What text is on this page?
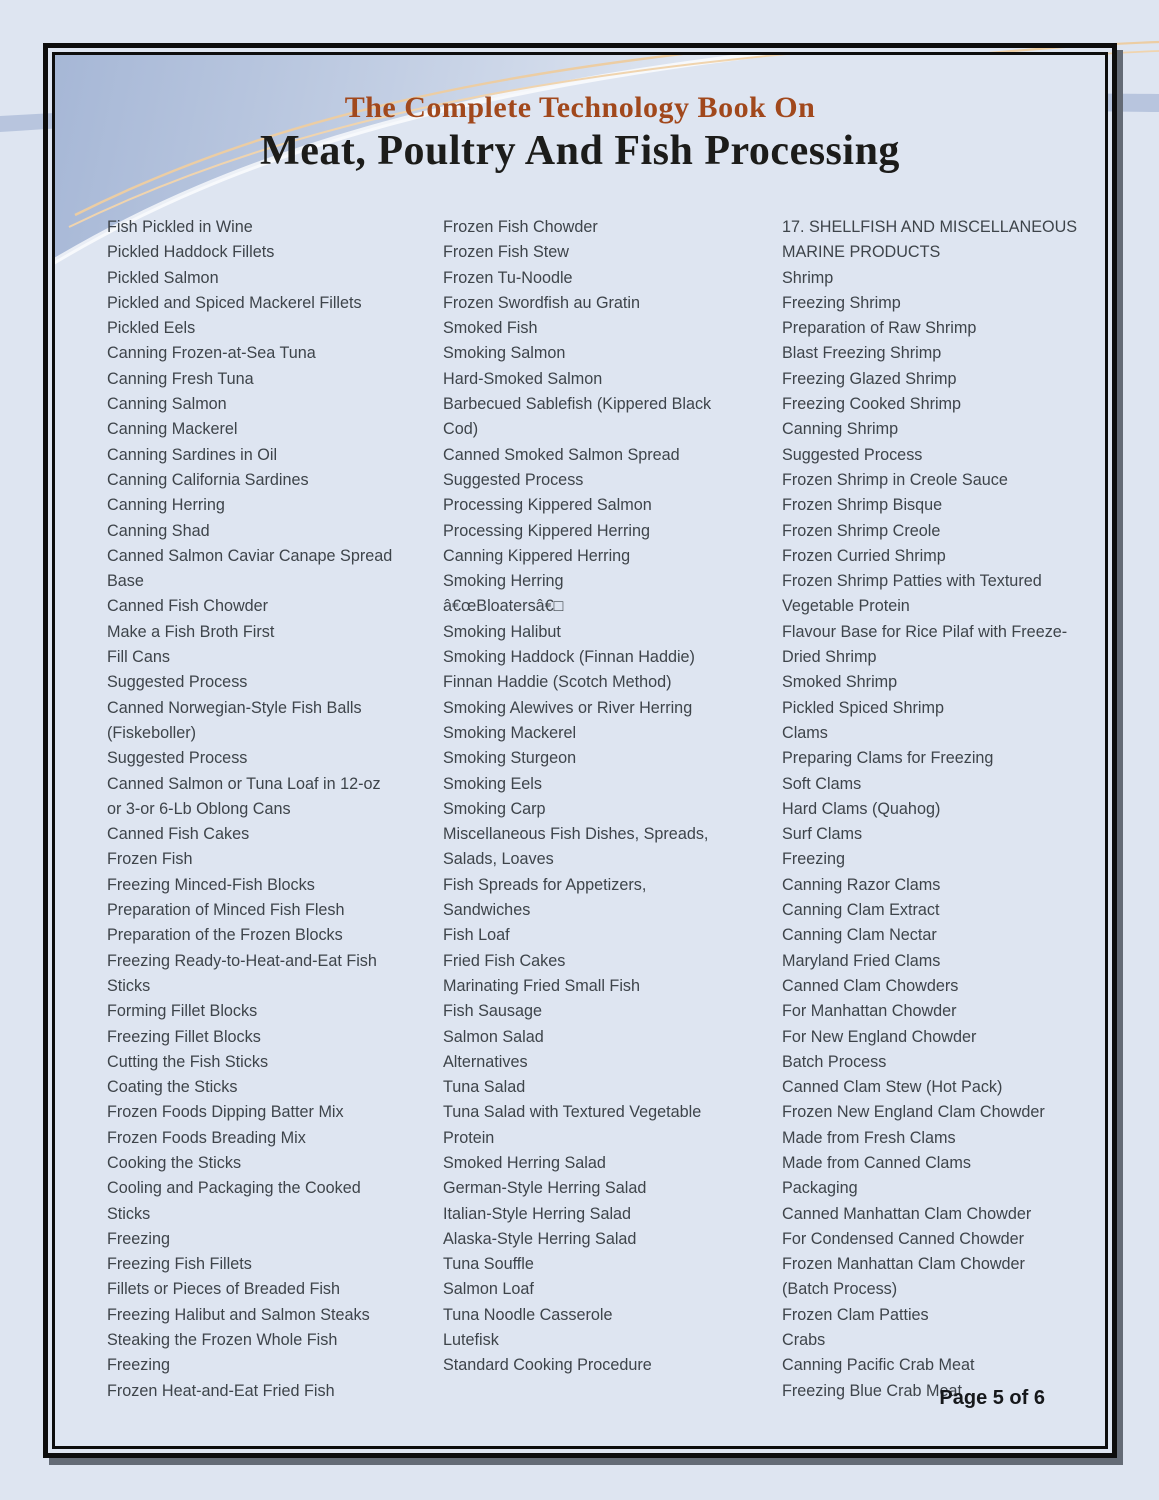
The Complete Technology Book On
Meat, Poultry And Fish Processing
Fish Pickled in Wine
Pickled Haddock Fillets
Pickled Salmon
Pickled and Spiced Mackerel Fillets
Pickled Eels
Canning Frozen-at-Sea Tuna
Canning Fresh Tuna
Canning Salmon
Canning Mackerel
Canning Sardines in Oil
Canning California Sardines
Canning Herring
Canning Shad
Canned Salmon Caviar Canape Spread
Base
Canned Fish Chowder
Make a Fish Broth First
Fill Cans
Suggested Process
Canned Norwegian-Style Fish Balls
(Fiskeboller)
Suggested Process
Canned Salmon or Tuna Loaf in 12-oz
or 3-or 6-Lb Oblong Cans
Canned Fish Cakes
Frozen Fish
Freezing Minced-Fish Blocks
Preparation of Minced Fish Flesh
Preparation of the Frozen Blocks
Freezing Ready-to-Heat-and-Eat Fish
Sticks
Forming Fillet Blocks
Freezing Fillet Blocks
Cutting the Fish Sticks
Coating the Sticks
Frozen Foods Dipping Batter Mix
Frozen Foods Breading Mix
Cooking the Sticks
Cooling and Packaging the Cooked
Sticks
Freezing
Freezing Fish Fillets
Fillets or Pieces of Breaded Fish
Freezing Halibut and Salmon Steaks
Steaking the Frozen Whole Fish
Freezing
Frozen Heat-and-Eat Fried Fish
Frozen Fish Chowder
Frozen Fish Stew
Frozen Tu-Noodle
Frozen Swordfish au Gratin
Smoked Fish
Smoking Salmon
Hard-Smoked Salmon
Barbecued Sablefish (Kippered Black
Cod)
Canned Smoked Salmon Spread
Suggested Process
Processing Kippered Salmon
Processing Kippered Herring
Canning Kippered Herring
Smoking Herring
â€œBloatersâ€□
Smoking Halibut
Smoking Haddock (Finnan Haddie)
Finnan Haddie (Scotch Method)
Smoking Alewives or River Herring
Smoking Mackerel
Smoking Sturgeon
Smoking Eels
Smoking Carp
Miscellaneous Fish Dishes, Spreads,
Salads, Loaves
Fish Spreads for Appetizers,
Sandwiches
Fish Loaf
Fried Fish Cakes
Marinating Fried Small Fish
Fish Sausage
Salmon Salad
Alternatives
Tuna Salad
Tuna Salad with Textured Vegetable
Protein
Smoked Herring Salad
German-Style Herring Salad
Italian-Style Herring Salad
Alaska-Style Herring Salad
Tuna Souffle
Salmon Loaf
Tuna Noodle Casserole
Lutefisk
Standard Cooking Procedure
17. SHELLFISH AND MISCELLANEOUS
MARINE PRODUCTS
Shrimp
Freezing Shrimp
Preparation of Raw Shrimp
Blast Freezing Shrimp
Freezing Glazed Shrimp
Freezing Cooked Shrimp
Canning Shrimp
Suggested Process
Frozen Shrimp in Creole Sauce
Frozen Shrimp Bisque
Frozen Shrimp Creole
Frozen Curried Shrimp
Frozen Shrimp Patties with Textured
Vegetable Protein
Flavour Base for Rice Pilaf with Freeze-
Dried Shrimp
Smoked Shrimp
Pickled Spiced Shrimp
Clams
Preparing Clams for Freezing
Soft Clams
Hard Clams (Quahog)
Surf Clams
Freezing
Canning Razor Clams
Canning Clam Extract
Canning Clam Nectar
Maryland Fried Clams
Canned Clam Chowders
For Manhattan Chowder
For New England Chowder
Batch Process
Canned Clam Stew (Hot Pack)
Frozen New England Clam Chowder
Made from Fresh Clams
Made from Canned Clams
Packaging
Canned Manhattan Clam Chowder
For Condensed Canned Chowder
Frozen Manhattan Clam Chowder
(Batch Process)
Frozen Clam Patties
Crabs
Canning Pacific Crab Meat
Freezing Blue Crab Meat
Page 5 of 6
